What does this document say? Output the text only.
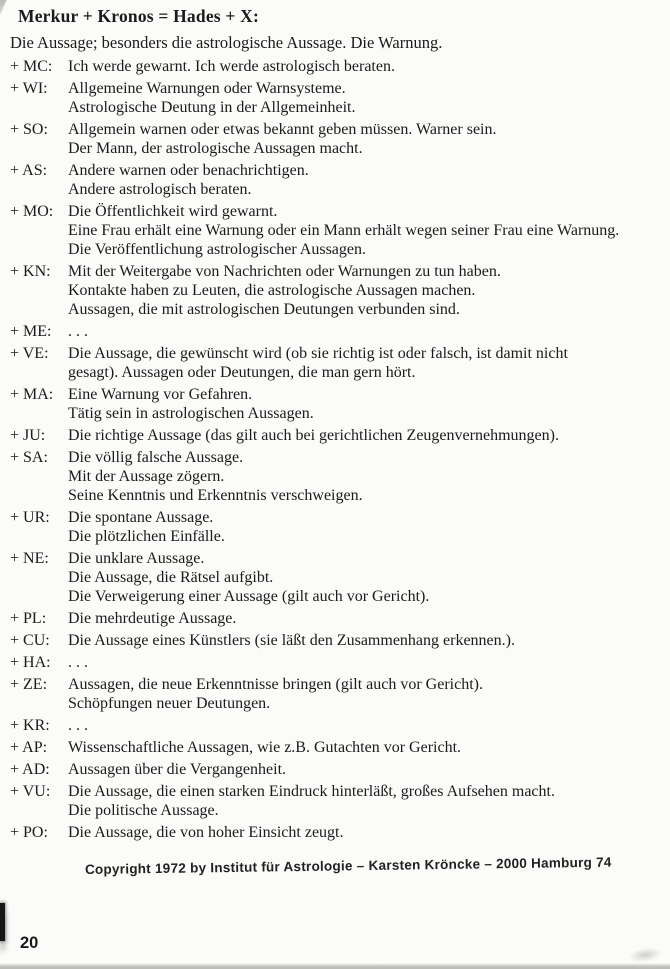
Merkur + Kronos = Hades + X:
Die Aussage; besonders die astrologische Aussage. Die Warnung.
+ MC: Ich werde gewarnt. Ich werde astrologisch beraten.
+ WI:	Allgemeine Warnungen oder Warnsysteme.
Astrologische Deutung in der Allgemeinheit.
+ SO:	Allgemein warnen oder etwas bekannt geben müssen. Warner sein.
Der Mann, der astrologische Aussagen macht.
+ AS:	Andere warnen oder benachrichtigen.
Andere astrologisch beraten.
+ MO: Die Öffentlichkeit wird gewarnt.
Eine Frau erhält eine Warnung oder ein Mann erhält wegen seiner Frau eine Warnung.
Die Veröffentlichung astrologischer Aussagen.
+ KN:	Mit der Weitergabe von Nachrichten oder Warnungen zu tun haben.
Kontakte haben zu Leuten, die astrologische Aussagen machen.
Aussagen, die mit astrologischen Deutungen verbunden sind.
+ ME:	. . .
+ VE:	Die Aussage, die gewünscht wird (ob sie richtig ist oder falsch, ist damit nicht
gesagt). Aussagen oder Deutungen, die man gern hört.
+ MA: Eine Warnung vor Gefahren.
Tätig sein in astrologischen Aussagen.
+ JU:	Die richtige Aussage (das gilt auch bei gerichtlichen Zeugenvernehmungen).
+ SA:	Die völlig falsche Aussage.
Mit der Aussage zögern.
Seine Kenntnis und Erkenntnis verschweigen.
+ UR:	Die spontane Aussage.
Die plötzlichen Einfälle.
+ NE:	Die unklare Aussage.
Die Aussage, die Rätsel aufgibt.
Die Verweigerung einer Aussage (gilt auch vor Gericht).
+ PL:	Die mehrdeutige Aussage.
+ CU:	Die Aussage eines Künstlers (sie läßt den Zusammenhang erkennen.).
+ HA:	. . .
+ ZE:	Aussagen, die neue Erkenntnisse bringen (gilt auch vor Gericht).
Schöpfungen neuer Deutungen.
+ KR:	. . .
+ AP:	Wissenschaftliche Aussagen, wie z.B. Gutachten vor Gericht.
+ AD:	Aussagen über die Vergangenheit.
+ VU:	Die Aussage, die einen starken Eindruck hinterläßt, großes Aufsehen macht.
Die politische Aussage.
+ PO:	Die Aussage, die von hoher Einsicht zeugt.
Copyright 1972 by Institut für Astrologie – Karsten Kröncke – 2000 Hamburg 74
20
